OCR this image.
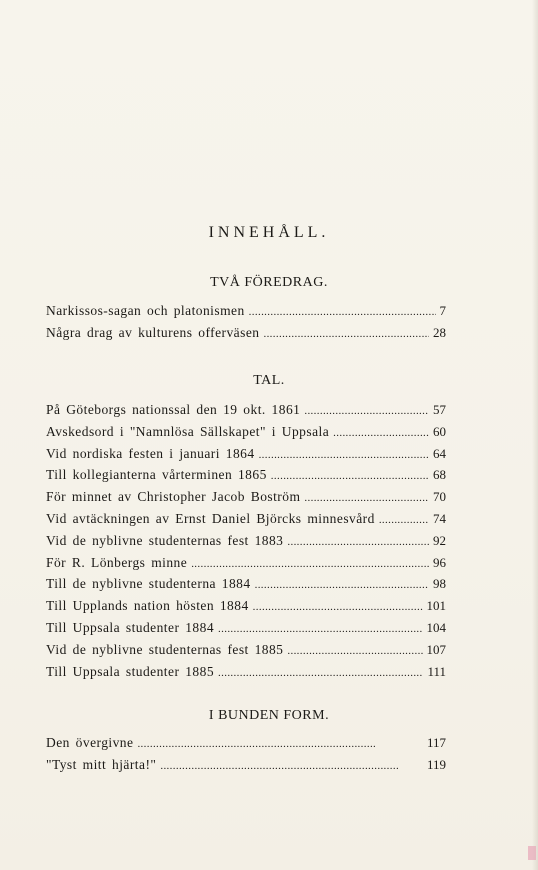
INNEHÅLL.
TVÅ FÖREDRAG.
Narkissos-sagan och platonismen . . .	7
Några drag av kulturens offerväsen . . .	28
TAL.
På Göteborgs nationssal den 19 okt. 1861 . . .	57
Avskedsord i "Namnlösa Sällskapet" i Uppsala . . .	60
Vid nordiska festen i januari 1864 . . .	64
Till kollegianterna vårterminen 1865 . . .	68
För minnet av Christopher Jacob Boström . . .	70
Vid avtäckningen av Ernst Daniel Björcks minnesvård . . .	74
Vid de nyblivne studenternas fest 1883 . . .	92
För R. Lönbergs minne . . .	96
Till de nyblivne studenterna 1884 . . .	98
Till Upplands nation hösten 1884 . . .	101
Till Uppsala studenter 1884 . . .	104
Vid de nyblivne studenternas fest 1885 . . .	107
Till Uppsala studenter 1885 . . .	111
I BUNDEN FORM.
Den övergivne . . .	117
"Tyst mitt hjärta!" . . .	119
